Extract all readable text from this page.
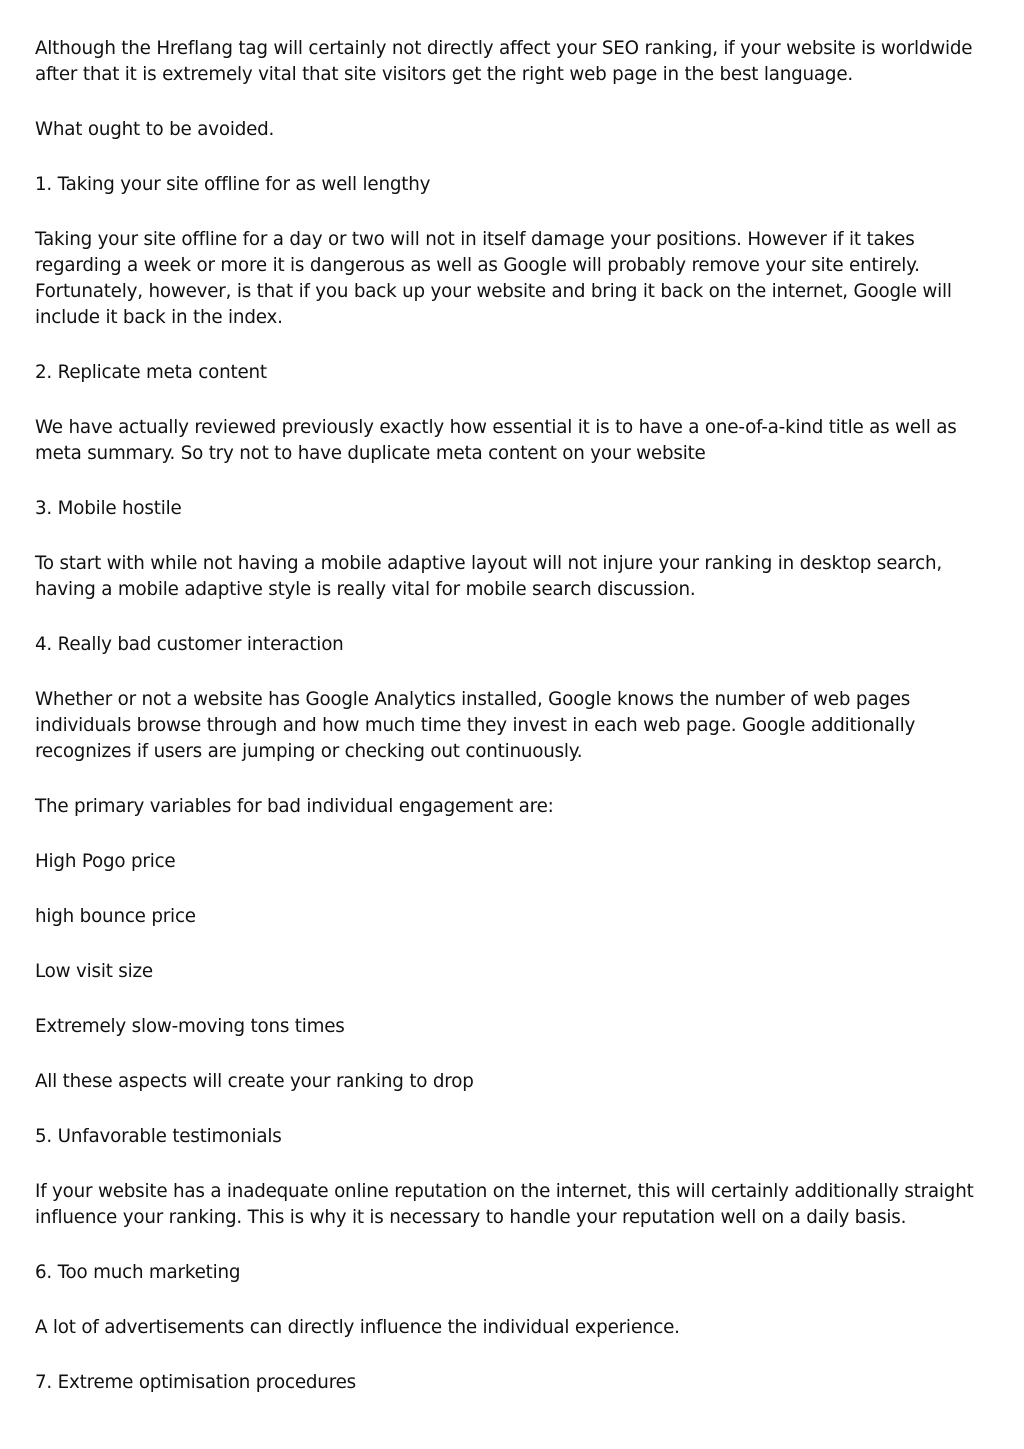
Although the Hreflang tag will certainly not directly affect your SEO ranking, if your website is worldwide after that it is extremely vital that site visitors get the right web page in the best language.

What ought to be avoided.

1. Taking your site offline for as well lengthy

Taking your site offline for a day or two will not in itself damage your positions. However if it takes regarding a week or more it is dangerous as well as Google will probably remove your site entirely. Fortunately, however, is that if you back up your website and bring it back on the internet, Google will include it back in the index.

2. Replicate meta content

We have actually reviewed previously exactly how essential it is to have a one-of-a-kind title as well as meta summary. So try not to have duplicate meta content on your website

3. Mobile hostile

To start with while not having a mobile adaptive layout will not injure your ranking in desktop search, having a mobile adaptive style is really vital for mobile search discussion.

4. Really bad customer interaction

Whether or not a website has Google Analytics installed, Google knows the number of web pages individuals browse through and how much time they invest in each web page. Google additionally recognizes if users are jumping or checking out continuously.

The primary variables for bad individual engagement are:

High Pogo price

high bounce price

Low visit size

Extremely slow-moving tons times

All these aspects will create your ranking to drop

5. Unfavorable testimonials

If your website has a inadequate online reputation on the internet, this will certainly additionally straight influence your ranking. This is why it is necessary to handle your reputation well on a daily basis.

6. Too much marketing

A lot of advertisements can directly influence the individual experience.

7. Extreme optimisation procedures
